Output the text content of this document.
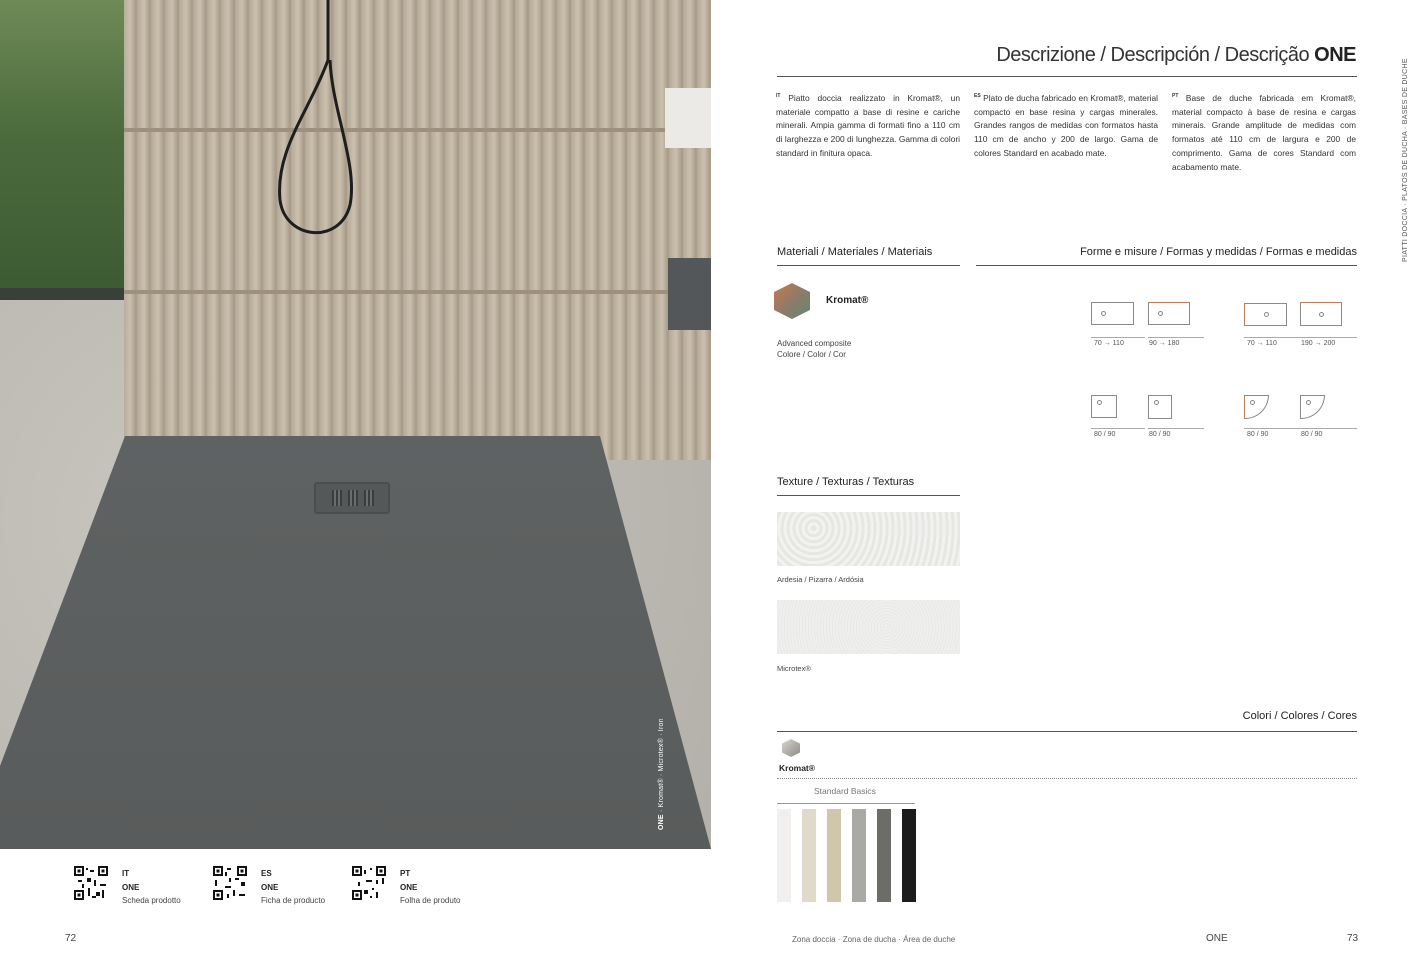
ONE · Kromat® · Microtex® · Iron
IT
ONE
Scheda prodotto
ES
ONE
Ficha de producto
PT
ONE
Folha de produto
72
Descrizione / Descripción / Descrição ONE
PIATTI DOCCIA · PLATOS DE DUCHA · BASES DE DUCHE
$^{IT}$ Piatto doccia realizzato in Kromat®, un materiale compatto a base di resine e cariche minerali. Ampia gamma di formati fino a 110 cm di larghezza e 200 di lunghezza. Gamma di colori standard in finitura opaca.
$^{ES}$ Plato de ducha fabricado en Kromat®, material compacto en base resina y cargas minerales. Grandes rangos de medidas con formatos hasta 110 cm de ancho y 200 de largo. Gama de colores Standard en acabado mate.
$^{PT}$ Base de duche fabricada em Kromat®, material compacto à base de resina e cargas minerais. Grande amplitude de medidas com formatos até 110 cm de largura e 200 de comprimento. Gama de cores Standard com acabamento mate.
Materiali / Materiales / Materiais
Kromat®
Advanced composite
Colore / Color / Cor
Forme e misure / Formas y medidas / Formas e medidas
70 → 110	90 → 180	70 → 110	190 → 200
80 / 90	80 / 90	80 / 90	80 / 90
Texture / Texturas / Texturas
Ardesia / Pizarra / Ardósia
Microtex®
Colori / Colores / Cores
Kromat®
Standard Basics
Zona doccia · Zona de ducha · Área de duche	ONE	73
